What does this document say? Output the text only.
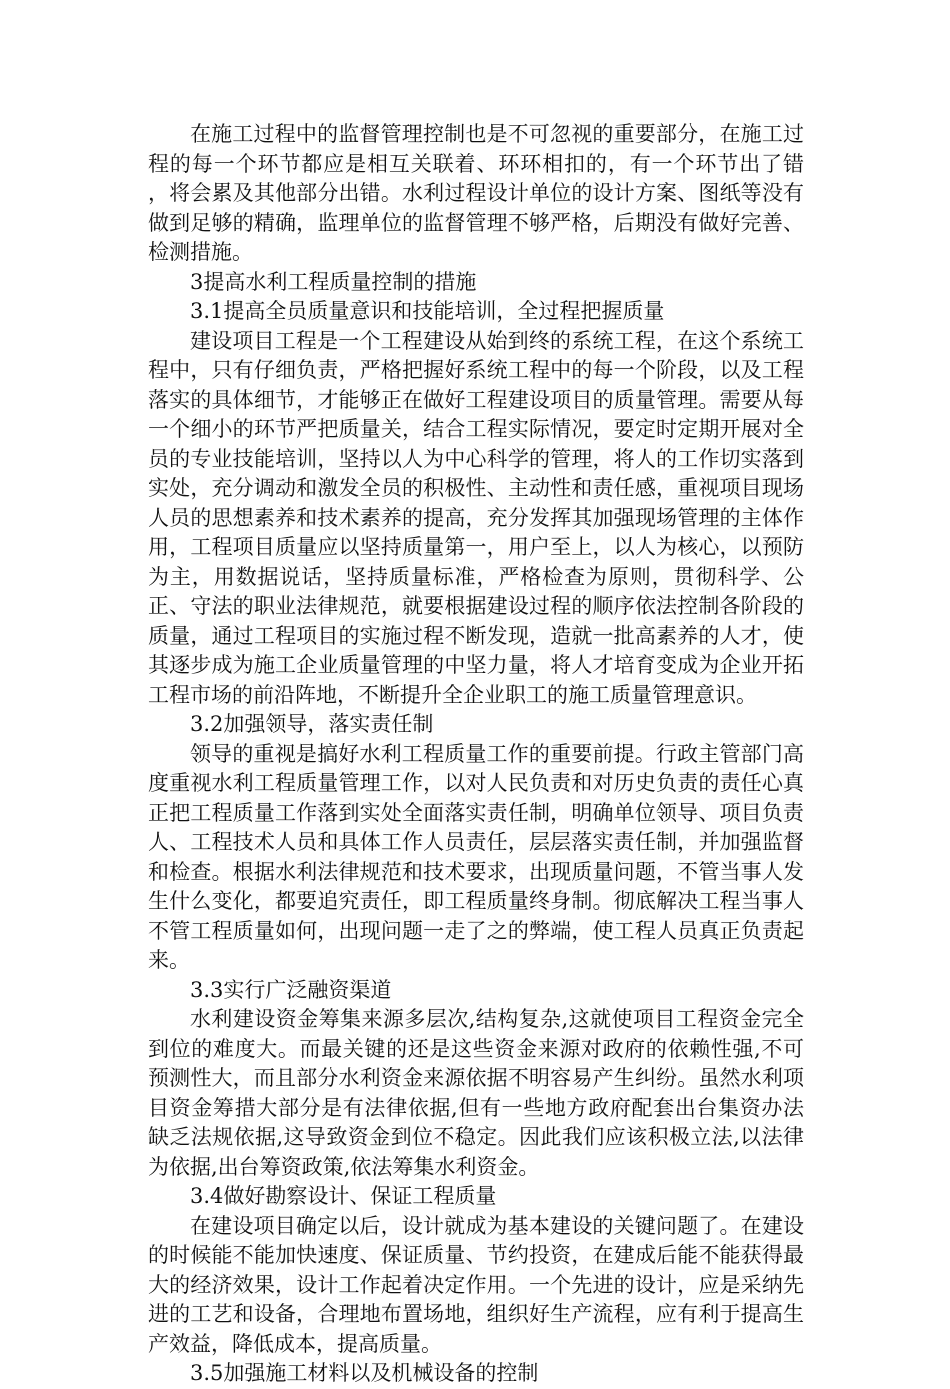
在施工过程中的监督管理控制也是不可忽视的重要部分，在施工过程的每一个环节都应是相互关联着、环环相扣的，有一个环节出了错 ，将会累及其他部分出错。水利过程设计单位的设计方案、图纸等没有做到足够的精确，监理单位的监督管理不够严格，后期没有做好完善、检测措施。

3提高水利工程质量控制的措施

3.1提高全员质量意识和技能培训，全过程把握质量

建设项目工程是一个工程建设从始到终的系统工程，在这个系统工程中，只有仔细负责，严格把握好系统工程中的每一个阶段，以及工程落实的具体细节，才能够正在做好工程建设项目的质量管理。需要从每一个细小的环节严把质量关，结合工程实际情况，要定时定期开展对全员的专业技能培训，坚持以人为中心科学的管理，将人的工作切实落到实处，充分调动和激发全员的积极性、主动性和责任感，重视项目现场人员的思想素养和技术素养的提高，充分发挥其加强现场管理的主体作用，工程项目质量应以坚持质量第一，用户至上，以人为核心，以预防为主，用数据说话，坚持质量标准，严格检查为原则，贯彻科学、公正、守法的职业法律规范，就要根据建设过程的顺序依法控制各阶段的质量，通过工程项目的实施过程不断发现，造就一批高素养的人才，使其逐步成为施工企业质量管理的中坚力量，将人才培育变成为企业开拓工程市场的前沿阵地，不断提升全企业职工的施工质量管理意识。

3.2加强领导，落实责任制

领导的重视是搞好水利工程质量工作的重要前提。行政主管部门高度重视水利工程质量管理工作，以对人民负责和对历史负责的责任心真正把工程质量工作落到实处全面落实责任制，明确单位领导、项目负责人、工程技术人员和具体工作人员责任，层层落实责任制，并加强监督和检查。根据水利法律规范和技术要求，出现质量问题，不管当事人发生什么变化，都要追究责任，即工程质量终身制。彻底解决工程当事人不管工程质量如何，出现问题一走了之的弊端，使工程人员真正负责起来。

3.3实行广泛融资渠道

水利建设资金筹集来源多层次,结构复杂,这就使项目工程资金完全到位的难度大。而最关键的还是这些资金来源对政府的依赖性强,不可预测性大，而且部分水利资金来源依据不明容易产生纠纷。虽然水利项目资金筹措大部分是有法律依据,但有一些地方政府配套出台集资办法缺乏法规依据,这导致资金到位不稳定。因此我们应该积极立法,以法律为依据,出台筹资政策,依法筹集水利资金。

3.4做好勘察设计、保证工程质量

在建设项目确定以后，设计就成为基本建设的关键问题了。在建设的时候能不能加快速度、保证质量、节约投资，在建成后能不能获得最大的经济效果，设计工作起着决定作用。一个先进的设计，应是采纳先进的工艺和设备，合理地布置场地，组织好生产流程，应有利于提高生产效益，降低成本，提高质量。

3.5加强施工材料以及机械设备的控制
